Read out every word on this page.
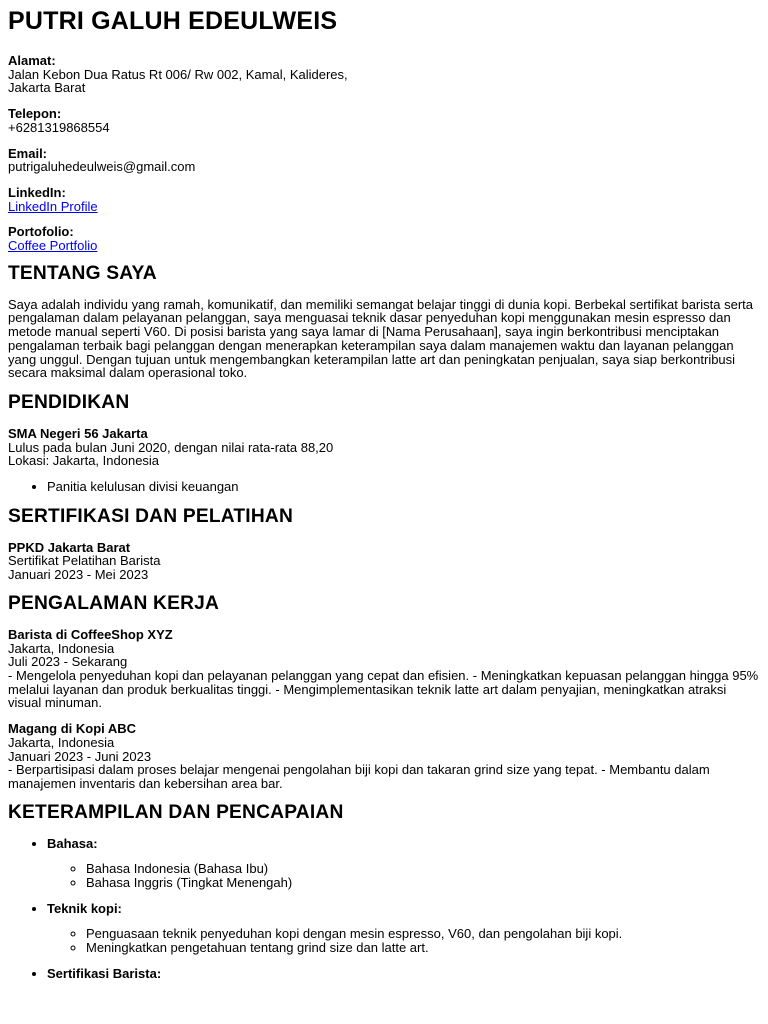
PUTRI GALUH EDEULWEIS
Alamat:
Jalan Kebon Dua Ratus Rt 006/ Rw 002, Kamal, Kalideres,
Jakarta Barat
Telepon:
+6281319868554
Email:
putrigaluhedeulweis@gmail.com
LinkedIn:
LinkedIn Profile
Portofolio:
Coffee Portfolio
TENTANG SAYA

Saya adalah individu yang ramah, komunikatif, dan memiliki semangat belajar tinggi di dunia kopi. Berbekal sertifikat barista serta pengalaman dalam pelayanan pelanggan, saya menguasai teknik dasar penyeduhan kopi menggunakan mesin espresso dan metode manual seperti V60. Di posisi barista yang saya lamar di [Nama Perusahaan], saya ingin berkontribusi menciptakan pengalaman terbaik bagi pelanggan dengan menerapkan keterampilan saya dalam manajemen waktu dan layanan pelanggan yang unggul. Dengan tujuan untuk mengembangkan keterampilan latte art dan peningkatan penjualan, saya siap berkontribusi secara maksimal dalam operasional toko.

PENDIDIKAN
SMA Negeri 56 Jakarta
Lulus pada bulan Juni 2020, dengan nilai rata-rata 88,20
Lokasi: Jakarta, Indonesia
• Panitia kelulusan divisi keuangan
SERTIFIKASI DAN PELATIHAN
PPKD Jakarta Barat
Sertifikat Pelatihan Barista
Januari 2023 - Mei 2023
PENGALAMAN KERJA
Barista di CoffeeShop XYZ
Jakarta, Indonesia
Juli 2023 - Sekarang
- Mengelola penyeduhan kopi dan pelayanan pelanggan yang cepat dan efisien. - Meningkatkan kepuasan pelanggan hingga 95% melalui layanan dan produk berkualitas tinggi. - Mengimplementasikan teknik latte art dalam penyajian, meningkatkan atraksi visual minuman.
Magang di Kopi ABC
Jakarta, Indonesia
Januari 2023 - Juni 2023
- Berpartisipasi dalam proses belajar mengenai pengolahan biji kopi dan takaran grind size yang tepat. - Membantu dalam manajemen inventaris dan kebersihan area bar.
KETERAMPILAN DAN PENCAPAIAN
• Bahasa:
◦ Bahasa Indonesia (Bahasa Ibu)
◦ Bahasa Inggris (Tingkat Menengah)
• Teknik kopi:
◦ Penguasaan teknik penyeduhan kopi dengan mesin espresso, V60, dan pengolahan biji kopi.
◦ Meningkatkan pengetahuan tentang grind size dan latte art.
• Sertifikasi Barista:
